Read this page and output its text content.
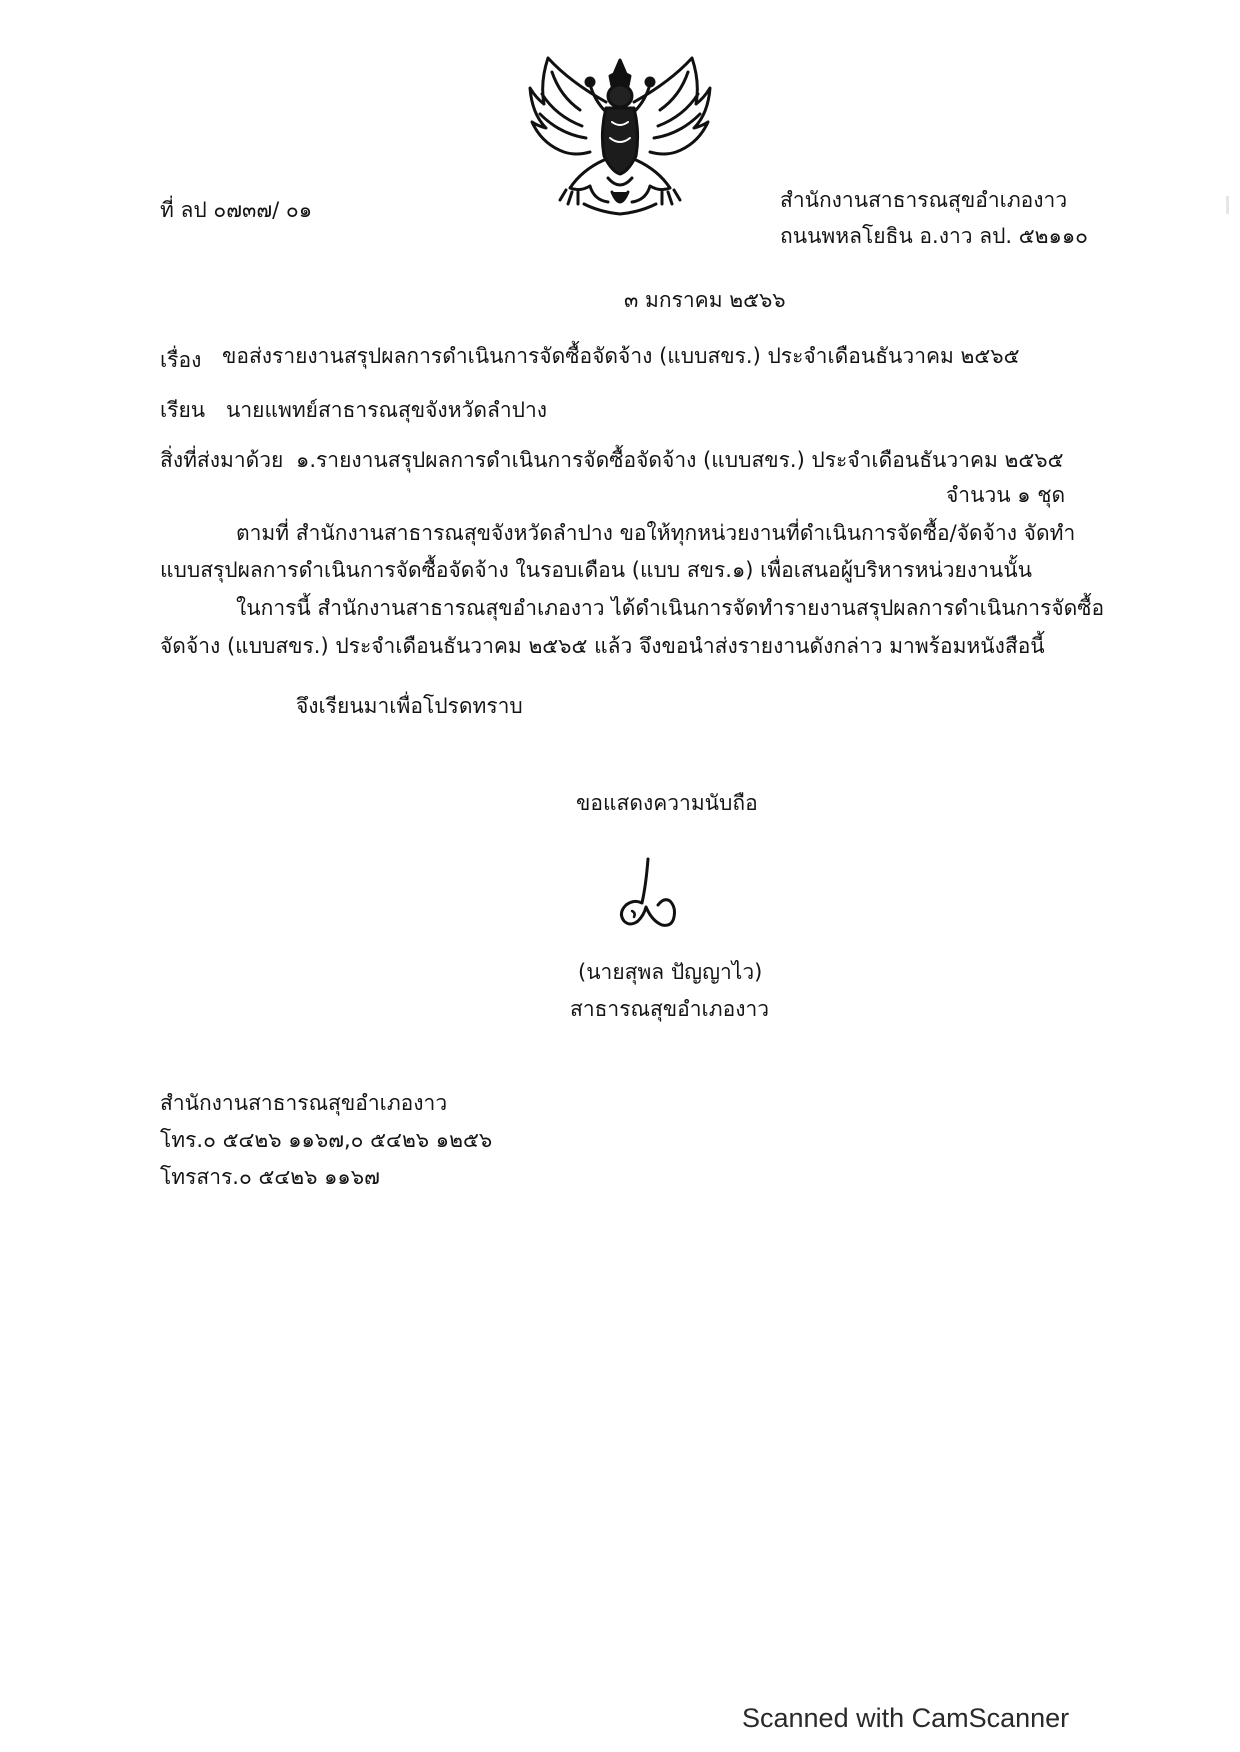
ที่ ลป ๐๗๓๗/ ๐๑	สำนักงานสาธารณสุขอำเภองาว
ถนนพหลโยธิน อ.งาว ลป. ๕๒๑๑๐
๓ มกราคม ๒๕๖๖
เรื่อง ขอส่งรายงานสรุปผลการดำเนินการจัดซื้อจัดจ้าง (แบบสขร.) ประจำเดือนธันวาคม ๒๕๖๕
เรียน นายแพทย์สาธารณสุขจังหวัดลำปาง
สิ่งที่ส่งมาด้วย ๑.รายงานสรุปผลการดำเนินการจัดซื้อจัดจ้าง (แบบสขร.) ประจำเดือนธันวาคม ๒๕๖๕
จำนวน ๑ ชุด
ตามที่ สำนักงานสาธารณสุขจังหวัดลำปาง ขอให้ทุกหน่วยงานที่ดำเนินการจัดซื้อ/จัดจ้าง จัดทำ
แบบสรุปผลการดำเนินการจัดซื้อจัดจ้าง ในรอบเดือน (แบบ สขร.๑) เพื่อเสนอผู้บริหารหน่วยงานนั้น
ในการนี้ สำนักงานสาธารณสุขอำเภองาว ได้ดำเนินการจัดทำรายงานสรุปผลการดำเนินการจัดซื้อ
จัดจ้าง (แบบสขร.) ประจำเดือนธันวาคม ๒๕๖๕ แล้ว จึงขอนำส่งรายงานดังกล่าว มาพร้อมหนังสือนี้
จึงเรียนมาเพื่อโปรดทราบ
ขอแสดงความนับถือ
(นายสุพล ปัญญาไว)
สาธารณสุขอำเภองาว
สำนักงานสาธารณสุขอำเภองาว
โทร.๐ ๕๔๒๖ ๑๑๖๗,๐ ๕๔๒๖ ๑๒๕๖
โทรสาร.๐ ๕๔๒๖ ๑๑๖๗
Scanned with CamScanner
